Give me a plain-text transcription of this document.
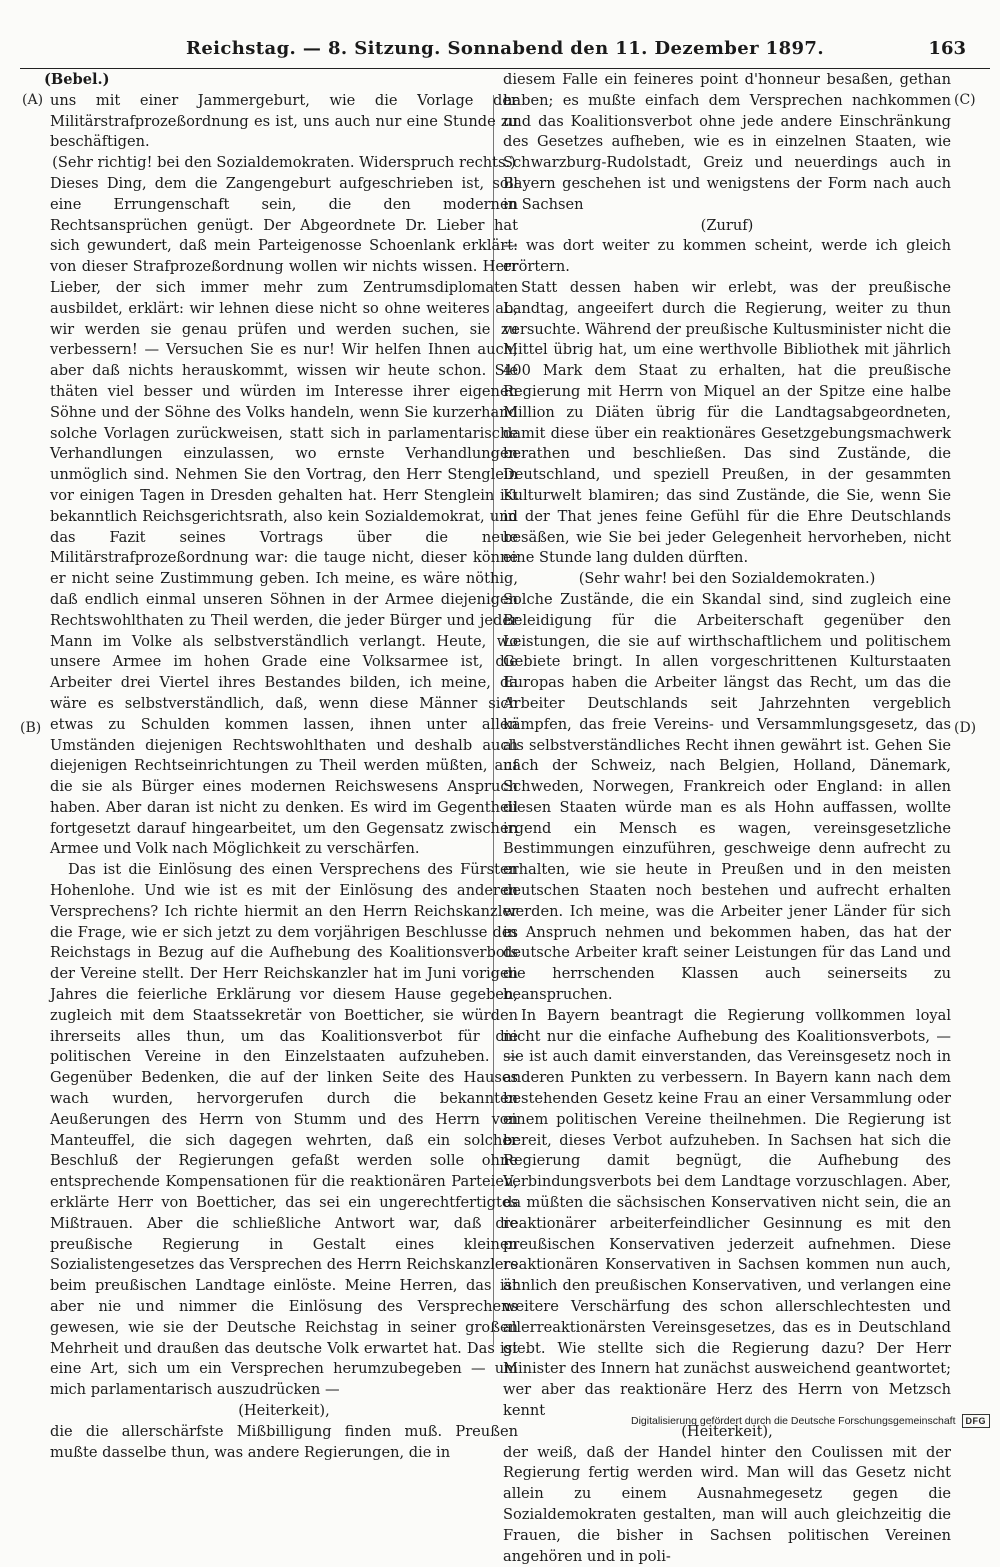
Reichstag. — 8. Sitzung. Sonnabend den 11. Dezember 1897.	163
(A)
(B)
(C)
(D)

(Bebel.)

uns mit einer Jammergeburt, wie die Vorlage der Militärstrafprozeßordnung es ist, uns auch nur eine Stunde zu beschäftigen.

(Sehr richtig! bei den Sozialdemokraten. Widerspruch rechts.)

Dieses Ding, dem die Zangengeburt aufgeschrieben ist, soll eine Errungenschaft sein, die den modernen Rechtsansprüchen genügt. Der Abgeordnete Dr. Lieber hat sich gewundert, daß mein Parteigenosse Schoenlank erklärt: von dieser Strafprozeßordnung wollen wir nichts wissen. Herr Lieber, der sich immer mehr zum Zentrumsdiplomaten ausbildet, erklärt: wir lehnen diese nicht so ohne weiteres ab, wir werden sie genau prüfen und werden suchen, sie zu verbessern! — Versuchen Sie es nur! Wir helfen Ihnen auch; aber daß nichts herauskommt, wissen wir heute schon. Sie thäten viel besser und würden im Interesse ihrer eigenen Söhne und der Söhne des Volks handeln, wenn Sie kurzerhand solche Vorlagen zurückweisen, statt sich in parlamentarische Verhandlungen einzulassen, wo ernste Verhandlungen unmöglich sind. Nehmen Sie den Vortrag, den Herr Stenglein vor einigen Tagen in Dresden gehalten hat. Herr Stenglein ist bekanntlich Reichsgerichtsrath, also kein Sozialdemokrat, und das Fazit seines Vortrags über die neue Militärstrafprozeßordnung war: die tauge nicht, dieser könne er nicht seine Zustimmung geben. Ich meine, es wäre nöthig, daß endlich einmal unseren Söhnen in der Armee diejenigen Rechtswohlthaten zu Theil werden, die jeder Bürger und jeder Mann im Volke als selbstverständlich verlangt. Heute, wo unsere Armee im hohen Grade eine Volksarmee ist, die Arbeiter drei Viertel ihres Bestandes bilden, ich meine, da wäre es selbstverständlich, daß, wenn diese Männer sich etwas zu Schulden kommen lassen, ihnen unter allen Umständen diejenigen Rechtswohlthaten und deshalb auch diejenigen Rechtseinrichtungen zu Theil werden müßten, auf die sie als Bürger eines modernen Reichswesens Anspruch haben. Aber daran ist nicht zu denken. Es wird im Gegentheil fortgesetzt darauf hingearbeitet, um den Gegensatz zwischen Armee und Volk nach Möglichkeit zu verschärfen.

Das ist die Einlösung des einen Versprechens des Fürsten Hohenlohe. Und wie ist es mit der Einlösung des anderen Versprechens? Ich richte hiermit an den Herrn Reichskanzler die Frage, wie er sich jetzt zu dem vorjährigen Beschlusse des Reichstags in Bezug auf die Aufhebung des Koalitionsverbots der Vereine stellt. Der Herr Reichskanzler hat im Juni vorigen Jahres die feierliche Erklärung vor diesem Hause gegeben, zugleich mit dem Staatssekretär von Boetticher, sie würden ihrerseits alles thun, um das Koalitionsverbot für die politischen Vereine in den Einzelstaaten aufzuheben. — Gegenüber Bedenken, die auf der linken Seite des Hauses wach wurden, hervorgerufen durch die bekannten Aeußerungen des Herrn von Stumm und des Herrn von Manteuffel, die sich dagegen wehrten, daß ein solcher Beschluß der Regierungen gefaßt werden solle ohne entsprechende Kompensationen für die reaktionären Parteien, erklärte Herr von Boetticher, das sei ein ungerechtfertigtes Mißtrauen. Aber die schließliche Antwort war, daß die preußische Regierung in Gestalt eines kleinen Sozialistengesetzes das Versprechen des Herrn Reichskanzlers beim preußischen Landtage einlöste. Meine Herren, das ist aber nie und nimmer die Einlösung des Versprechens gewesen, wie sie der Deutsche Reichstag in seiner großen Mehrheit und draußen das deutsche Volk erwartet hat. Das ist eine Art, sich um ein Versprechen herumzubegeben — um mich parlamentarisch auszudrücken —

(Heiterkeit),

die die allerschärfste Mißbilligung finden muß. Preußen mußte dasselbe thun, was andere Regierungen, die in

diesem Falle ein feineres point d'honneur besaßen, gethan haben; es mußte einfach dem Versprechen nachkommen und das Koalitionsverbot ohne jede andere Einschränkung des Gesetzes aufheben, wie es in einzelnen Staaten, wie Schwarzburg-Rudolstadt, Greiz und neuerdings auch in Bayern geschehen ist und wenigstens der Form nach auch in Sachsen

(Zuruf)

— was dort weiter zu kommen scheint, werde ich gleich erörtern.

Statt dessen haben wir erlebt, was der preußische Landtag, angeeifert durch die Regierung, weiter zu thun versuchte. Während der preußische Kultusminister nicht die Mittel übrig hat, um eine werthvolle Bibliothek mit jährlich 400 Mark dem Staat zu erhalten, hat die preußische Regierung mit Herrn von Miquel an der Spitze eine halbe Million zu Diäten übrig für die Landtagsabgeordneten, damit diese über ein reaktionäres Gesetzgebungsmachwerk berathen und beschließen. Das sind Zustände, die Deutschland, und speziell Preußen, in der gesammten Kulturwelt blamiren; das sind Zustände, die Sie, wenn Sie in der That jenes feine Gefühl für die Ehre Deutschlands besäßen, wie Sie bei jeder Gelegenheit hervorheben, nicht eine Stunde lang dulden dürften.

(Sehr wahr! bei den Sozialdemokraten.)

Solche Zustände, die ein Skandal sind, sind zugleich eine Beleidigung für die Arbeiterschaft gegenüber den Leistungen, die sie auf wirthschaftlichem und politischem Gebiete bringt. In allen vorgeschrittenen Kulturstaaten Europas haben die Arbeiter längst das Recht, um das die Arbeiter Deutschlands seit Jahrzehnten vergeblich kämpfen, das freie Vereins- und Versammlungsgesetz, das als selbstverständliches Recht ihnen gewährt ist. Gehen Sie nach der Schweiz, nach Belgien, Holland, Dänemark, Schweden, Norwegen, Frankreich oder England: in allen diesen Staaten würde man es als Hohn auffassen, wollte irgend ein Mensch es wagen, vereinsgesetzliche Bestimmungen einzuführen, geschweige denn aufrecht zu erhalten, wie sie heute in Preußen und in den meisten deutschen Staaten noch bestehen und aufrecht erhalten werden. Ich meine, was die Arbeiter jener Länder für sich in Anspruch nehmen und bekommen haben, das hat der deutsche Arbeiter kraft seiner Leistungen für das Land und die herrschenden Klassen auch seinerseits zu beanspruchen.

In Bayern beantragt die Regierung vollkommen loyal nicht nur die einfache Aufhebung des Koalitionsverbots, — sie ist auch damit einverstanden, das Vereinsgesetz noch in anderen Punkten zu verbessern. In Bayern kann nach dem bestehenden Gesetz keine Frau an einer Versammlung oder einem politischen Vereine theilnehmen. Die Regierung ist bereit, dieses Verbot aufzuheben. In Sachsen hat sich die Regierung damit begnügt, die Aufhebung des Verbindungsverbots bei dem Landtage vorzuschlagen. Aber, da müßten die sächsischen Konservativen nicht sein, die an reaktionärer arbeiterfeindlicher Gesinnung es mit den preußischen Konservativen jederzeit aufnehmen. Diese reaktionären Konservativen in Sachsen kommen nun auch, ähnlich den preußischen Konservativen, und verlangen eine weitere Verschärfung des schon allerschlechtesten und allerreaktionärsten Vereinsgesetzes, das es in Deutschland giebt. Wie stellte sich die Regierung dazu? Der Herr Minister des Innern hat zunächst ausweichend geantwortet; wer aber das reaktionäre Herz des Herrn von Metzsch kennt

(Heiterkeit),

der weiß, daß der Handel hinter den Coulissen mit der Regierung fertig werden wird. Man will das Gesetz nicht allein zu einem Ausnahmegesetz gegen die Sozialdemokraten gestalten, man will auch gleichzeitig die Frauen, die bisher in Sachsen politischen Vereinen angehören und in poli-

Digitalisierung gefördert durch die Deutsche Forschungsgemeinschaft	DFG
